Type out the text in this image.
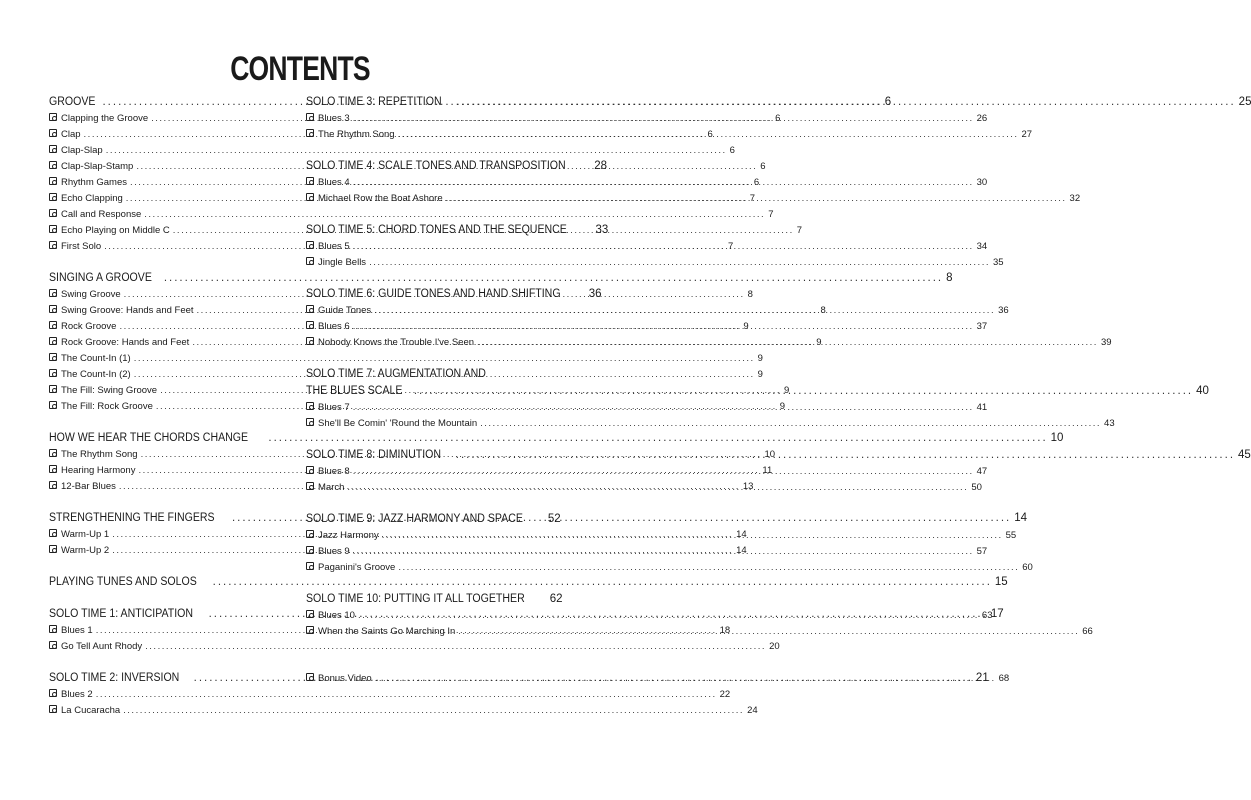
CONTENTS
GROOVE .....	6
Clapping the Groove .....	6
Clap .....	6
Clap-Slap .....	6
Clap-Slap-Stamp .....	6
Rhythm Games .....	6
Echo Clapping .....	7
Call and Response .....	7
Echo Playing on Middle C .....	7
First Solo .....	7
SINGING A GROOVE .....	8
Swing Groove .....	8
Swing Groove: Hands and Feet .....	8
Rock Groove .....	9
Rock Groove: Hands and Feet .....	9
The Count-In (1) .....	9
The Count-In (2) .....	9
The Fill: Swing Groove .....	9
The Fill: Rock Groove .....	9
HOW WE HEAR THE CHORDS CHANGE .....	10
The Rhythm Song .....	10
Hearing Harmony .....	11
12-Bar Blues .....	13
STRENGTHENING THE FINGERS .....	14
Warm-Up 1 .....	14
Warm-Up 2 .....	14
PLAYING TUNES AND SOLOS .....	15
SOLO TIME 1: ANTICIPATION .....	17
Blues 1 .....	18
Go Tell Aunt Rhody .....	20
SOLO TIME 2: INVERSION .....	21
Blues 2 .....	22
La Cucaracha .....	24
SOLO TIME 3: REPETITION .....	25
Blues 3 .....	26
The Rhythm Song .....	27
SOLO TIME 4: SCALE TONES AND TRANSPOSITION 28
Blues 4 .....	30
Michael Row the Boat Ashore .....	32
SOLO TIME 5: CHORD TONES AND THE SEQUENCE 33
Blues 5 .....	34
Jingle Bells .....	35
SOLO TIME 6: GUIDE TONES AND HAND SHIFTING 36
Guide Tones .....	36
Blues 6 .....	37
Nobody Knows the Trouble I've Seen .....	39
SOLO TIME 7: AUGMENTATION AND
THE BLUES SCALE .....	40
Blues 7 .....	41
She'll Be Comin' 'Round the Mountain .....	43
SOLO TIME 8: DIMINUTION .....	45
Blues 8 .....	47
March .....	50
SOLO TIME 9: JAZZ HARMONY AND SPACE 52
Jazz Harmony .....	55
Blues 9 .....	57
Paganini's Groove .....	60
SOLO TIME 10: PUTTING IT ALL TOGETHER 62
Blues 10 .....	63
When the Saints Go Marching In .....	66
Bonus Video .....	68
